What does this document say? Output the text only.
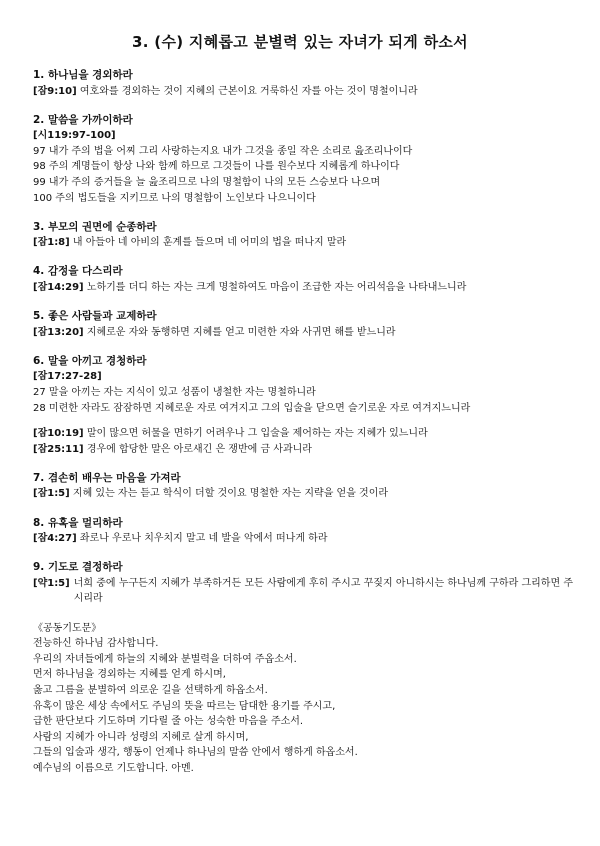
3. (수) 지혜롭고 분별력 있는 자녀가 되게 하소서
1. 하나님을 경외하라
[잠9:10] 여호와를 경외하는 것이 지혜의 근본이요 거룩하신 자를 아는 것이 명철이니라
2. 말씀을 가까이하라
[시119:97-100]
97 내가 주의 법을 어찌 그리 사랑하는지요 내가 그것을 종일 작은 소리로 읊조리나이다
98 주의 계명들이 항상 나와 함께 하므로 그것들이 나를 원수보다 지혜롭게 하나이다
99 내가 주의 증거들을 늘 읊조리므로 나의 명철함이 나의 모든 스승보다 나으며
100 주의 법도들을 지키므로 나의 명철함이 노인보다 나으니이다
3. 부모의 권면에 순종하라
[잠1:8] 내 아들아 네 아비의 훈계를 들으며 네 어미의 법을 떠나지 말라
4. 감정을 다스리라
[잠14:29] 노하기를 더디 하는 자는 크게 명철하여도 마음이 조급한 자는 어리석음을 나타내느니라
5. 좋은 사람들과 교제하라
[잠13:20] 지혜로운 자와 동행하면 지혜를 얻고 미련한 자와 사귀면 해를 받느니라
6. 말을 아끼고 경청하라
[잠17:27-28]
27 말을 아끼는 자는 지식이 있고 성품이 냉철한 자는 명철하니라
28 미련한 자라도 잠잠하면 지혜로운 자로 여겨지고 그의 입술을 닫으면 슬기로운 자로 여겨지느니라
[잠10:19] 말이 많으면 허물을 면하기 어려우나 그 입술을 제어하는 자는 지혜가 있느니라
[잠25:11] 경우에 합당한 말은 아로새긴 은 쟁반에 금 사과니라
7. 겸손히 배우는 마음을 가져라
[잠1:5] 지혜 있는 자는 듣고 학식이 더할 것이요 명철한 자는 지략을 얻을 것이라
8. 유혹을 멀리하라
[잠4:27] 좌로나 우로나 치우치지 말고 네 발을 악에서 떠나게 하라
9. 기도로 결정하라
[약1:5] 너희 중에 누구든지 지혜가 부족하거든 모든 사람에게 후히 주시고 꾸짖지 아니하시는 하나님께 구하라 그리하면 주시리라
《공동기도문》
전능하신 하나님 감사합니다.
우리의 자녀들에게 하늘의 지혜와 분별력을 더하여 주옵소서.
먼저 하나님을 경외하는 지혜를 얻게 하시며,
옳고 그름을 분별하여 의로운 길을 선택하게 하옵소서.
유혹이 많은 세상 속에서도 주님의 뜻을 따르는 담대한 용기를 주시고,
급한 판단보다 기도하며 기다릴 줄 아는 성숙한 마음을 주소서.
사람의 지혜가 아니라 성령의 지혜로 살게 하시며,
그들의 입술과 생각, 행동이 언제나 하나님의 말씀 안에서 행하게 하옵소서.
예수님의 이름으로 기도합니다. 아멘.
